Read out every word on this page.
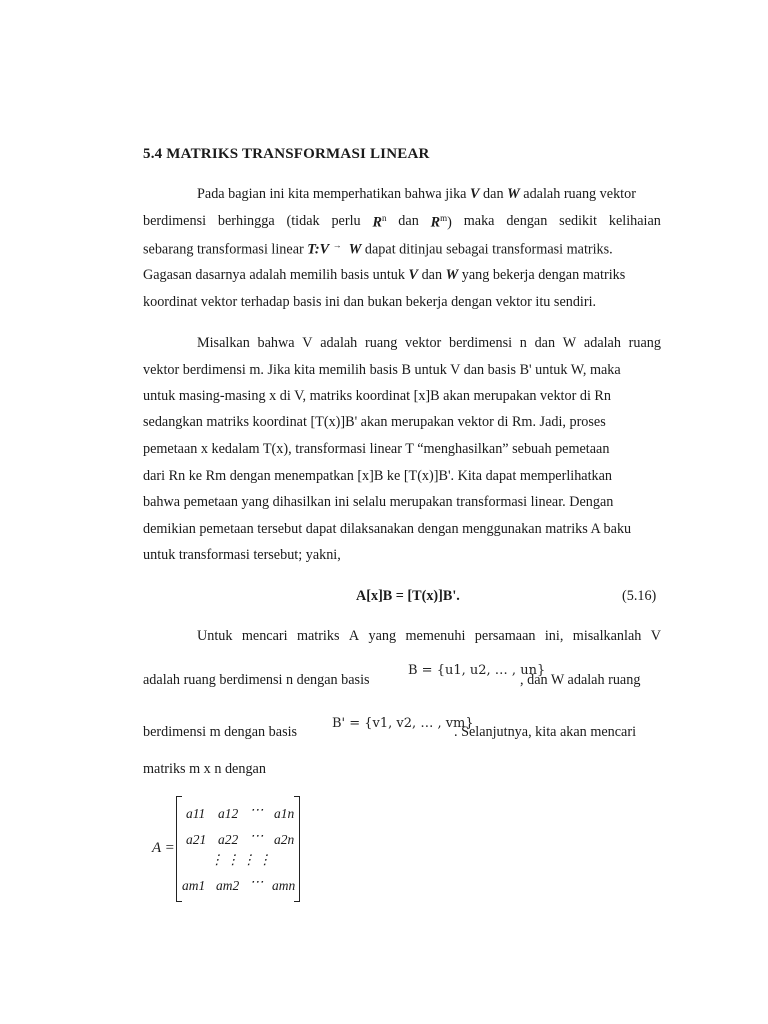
5.4 MATRIKS TRANSFORMASI LINEAR
Pada bagian ini kita memperhatikan bahwa jika V dan W adalah ruang vektor
berdimensi berhingga (tidak perlu $R^n$ dan $R^m$) maka dengan sedikit kelihaian
sebarang transformasi linear T:V → W dapat ditinjau sebagai transformasi matriks.
Gagasan dasarnya adalah memilih basis untuk V dan W yang bekerja dengan matriks
koordinat vektor terhadap basis ini dan bukan bekerja dengan vektor itu sendiri.
Misalkan bahwa V adalah ruang vektor berdimensi n dan W adalah ruang
vektor berdimensi m. Jika kita memilih basis B untuk V dan basis B' untuk W, maka
untuk masing-masing x di V, matriks koordinat [x]B akan merupakan vektor di Rn
sedangkan matriks koordinat [T(x)]B' akan merupakan vektor di Rm. Jadi, proses
pemetaan x kedalam T(x), transformasi linear T “menghasilkan” sebuah pemetaan
dari Rn ke Rm dengan menempatkan [x]B ke [T(x)]B'. Kita dapat memperlihatkan
bahwa pemetaan yang dihasilkan ini selalu merupakan transformasi linear. Dengan
demikian pemetaan tersebut dapat dilaksanakan dengan menggunakan matriks A baku
untuk transformasi tersebut; yakni,
A[x]B = [T(x)]B'.	(5.16)
Untuk mencari matriks A yang memenuhi persamaan ini, misalkanlah V
adalah ruang berdimensi n dengan basis
B = {u1, u2, … , un}
, dan W adalah ruang
berdimensi m dengan basis
B' = {v1, v2, … , vm}
. Selanjutnya, kita akan mencari
matriks m x n dengan
A =
a11 a12 ⋯ a1n
a21 a22 ⋯ a2n
⋮ ⋮ ⋮ ⋮
am1 am2 ⋯ amn
